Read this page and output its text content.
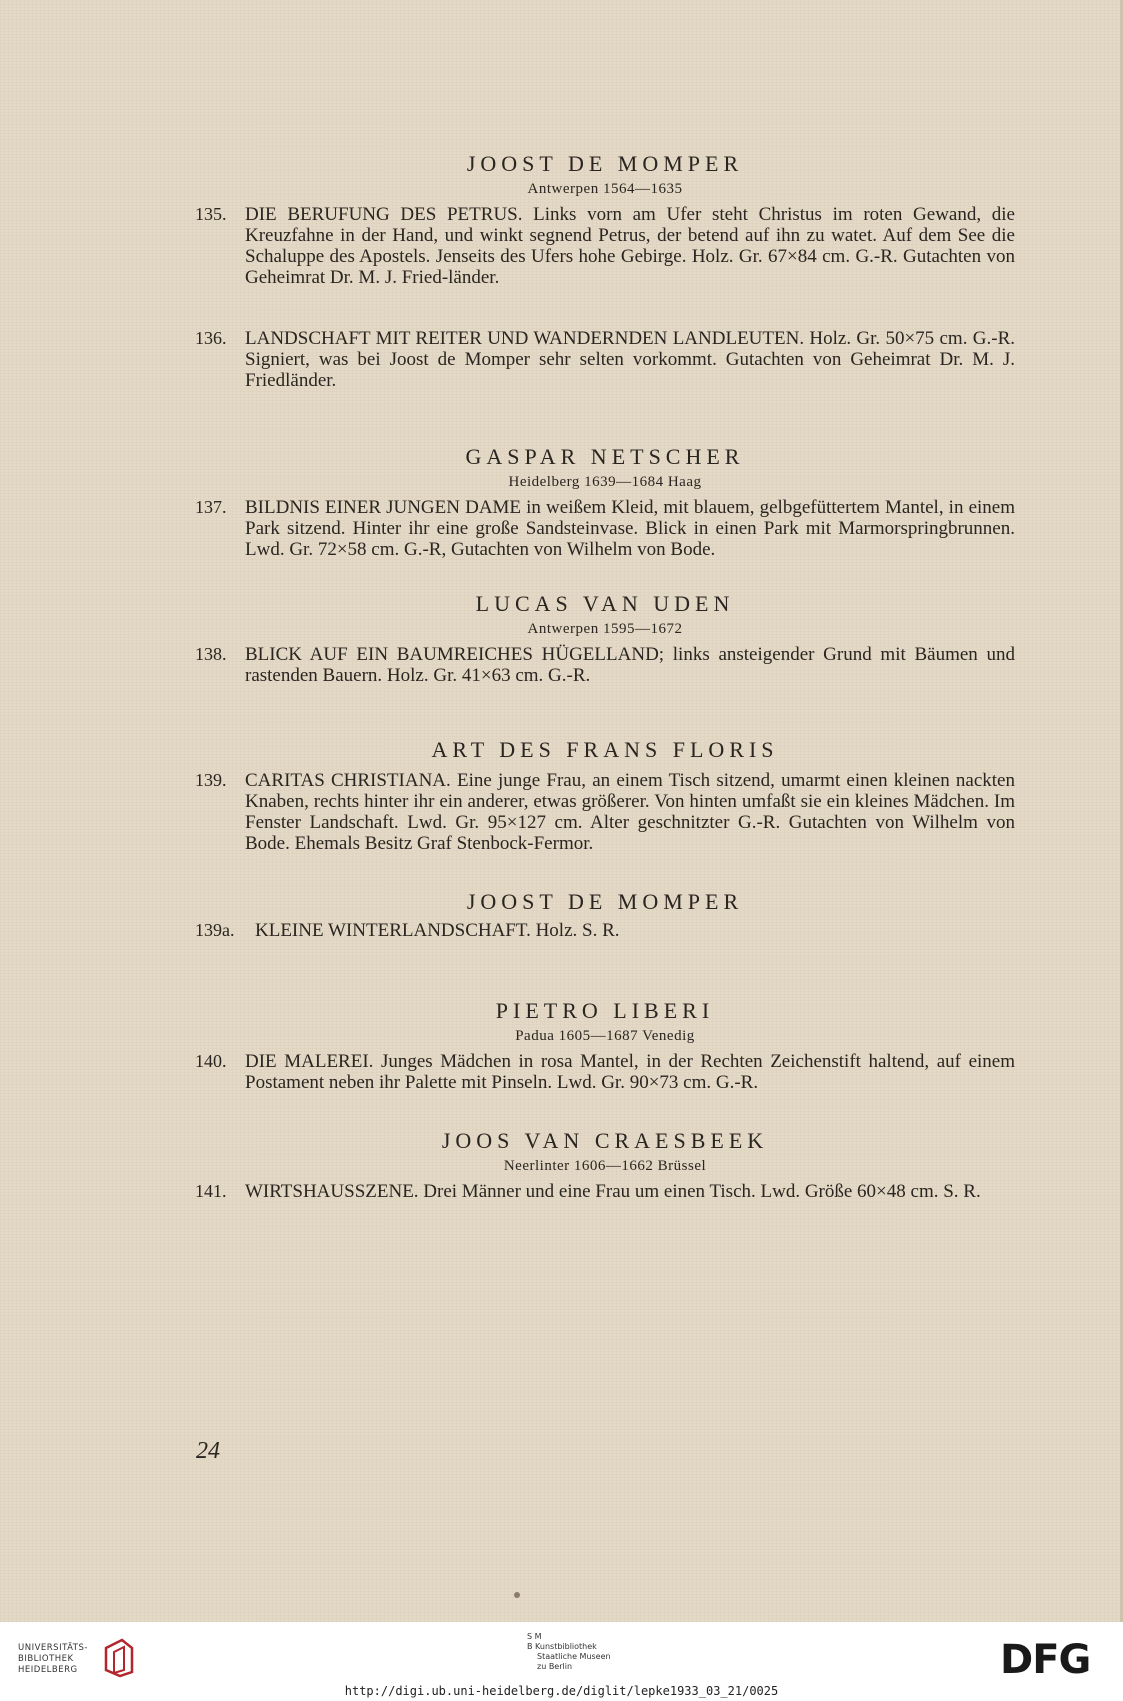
JOOST DE MOMPER
Antwerpen 1564—1635
135. DIE BERUFUNG DES PETRUS. Links vorn am Ufer steht Christus im roten Gewand, die Kreuzfahne in der Hand, und winkt segnend Petrus, der betend auf ihn zu watet. Auf dem See die Schaluppe des Apostels. Jenseits des Ufers hohe Gebirge. Holz. Gr. 67×84 cm. G.-R. Gutachten von Geheimrat Dr. M. J. Fried-länder.
136. LANDSCHAFT MIT REITER UND WANDERNDEN LANDLEUTEN. Holz. Gr. 50×75 cm. G.-R. Signiert, was bei Joost de Momper sehr selten vorkommt. Gutachten von Geheimrat Dr. M. J. Friedländer.
GASPAR NETSCHER
Heidelberg 1639—1684 Haag
137. BILDNIS EINER JUNGEN DAME in weißem Kleid, mit blauem, gelbgefüttertem Mantel, in einem Park sitzend. Hinter ihr eine große Sandsteinvase. Blick in einen Park mit Marmorspringbrunnen. Lwd. Gr. 72×58 cm. G.-R, Gutachten von Wilhelm von Bode.
LUCAS VAN UDEN
Antwerpen 1595—1672
138. BLICK AUF EIN BAUMREICHES HÜGELLAND; links ansteigender Grund mit Bäumen und rastenden Bauern. Holz. Gr. 41×63 cm. G.-R.
ART DES FRANS FLORIS
139. CARITAS CHRISTIANA. Eine junge Frau, an einem Tisch sitzend, umarmt einen kleinen nackten Knaben, rechts hinter ihr ein anderer, etwas größerer. Von hinten umfaßt sie ein kleines Mädchen. Im Fenster Landschaft. Lwd. Gr. 95×127 cm. Alter geschnitzter G.-R. Gutachten von Wilhelm von Bode. Ehemals Besitz Graf Stenbock-Fermor.
JOOST DE MOMPER
139a. KLEINE WINTERLANDSCHAFT. Holz. S. R.
PIETRO LIBERI
Padua 1605—1687 Venedig
140. DIE MALEREI. Junges Mädchen in rosa Mantel, in der Rechten Zeichenstift haltend, auf einem Postament neben ihr Palette mit Pinseln. Lwd. Gr. 90×73 cm. G.-R.
JOOS VAN CRAESBEEK
Neerlinter 1606—1662 Brüssel
141. WIRTSHAUSSZENE. Drei Männer und eine Frau um einen Tisch. Lwd. Größe 60×48 cm. S. R.
24
UNIVERSITÄTS-
BIBLIOTHEK
HEIDELBERG
S M
B Kunstbibliothek
Staatliche Museen
zu Berlin	DFG
http://digi.ub.uni-heidelberg.de/diglit/lepke1933_03_21/0025
